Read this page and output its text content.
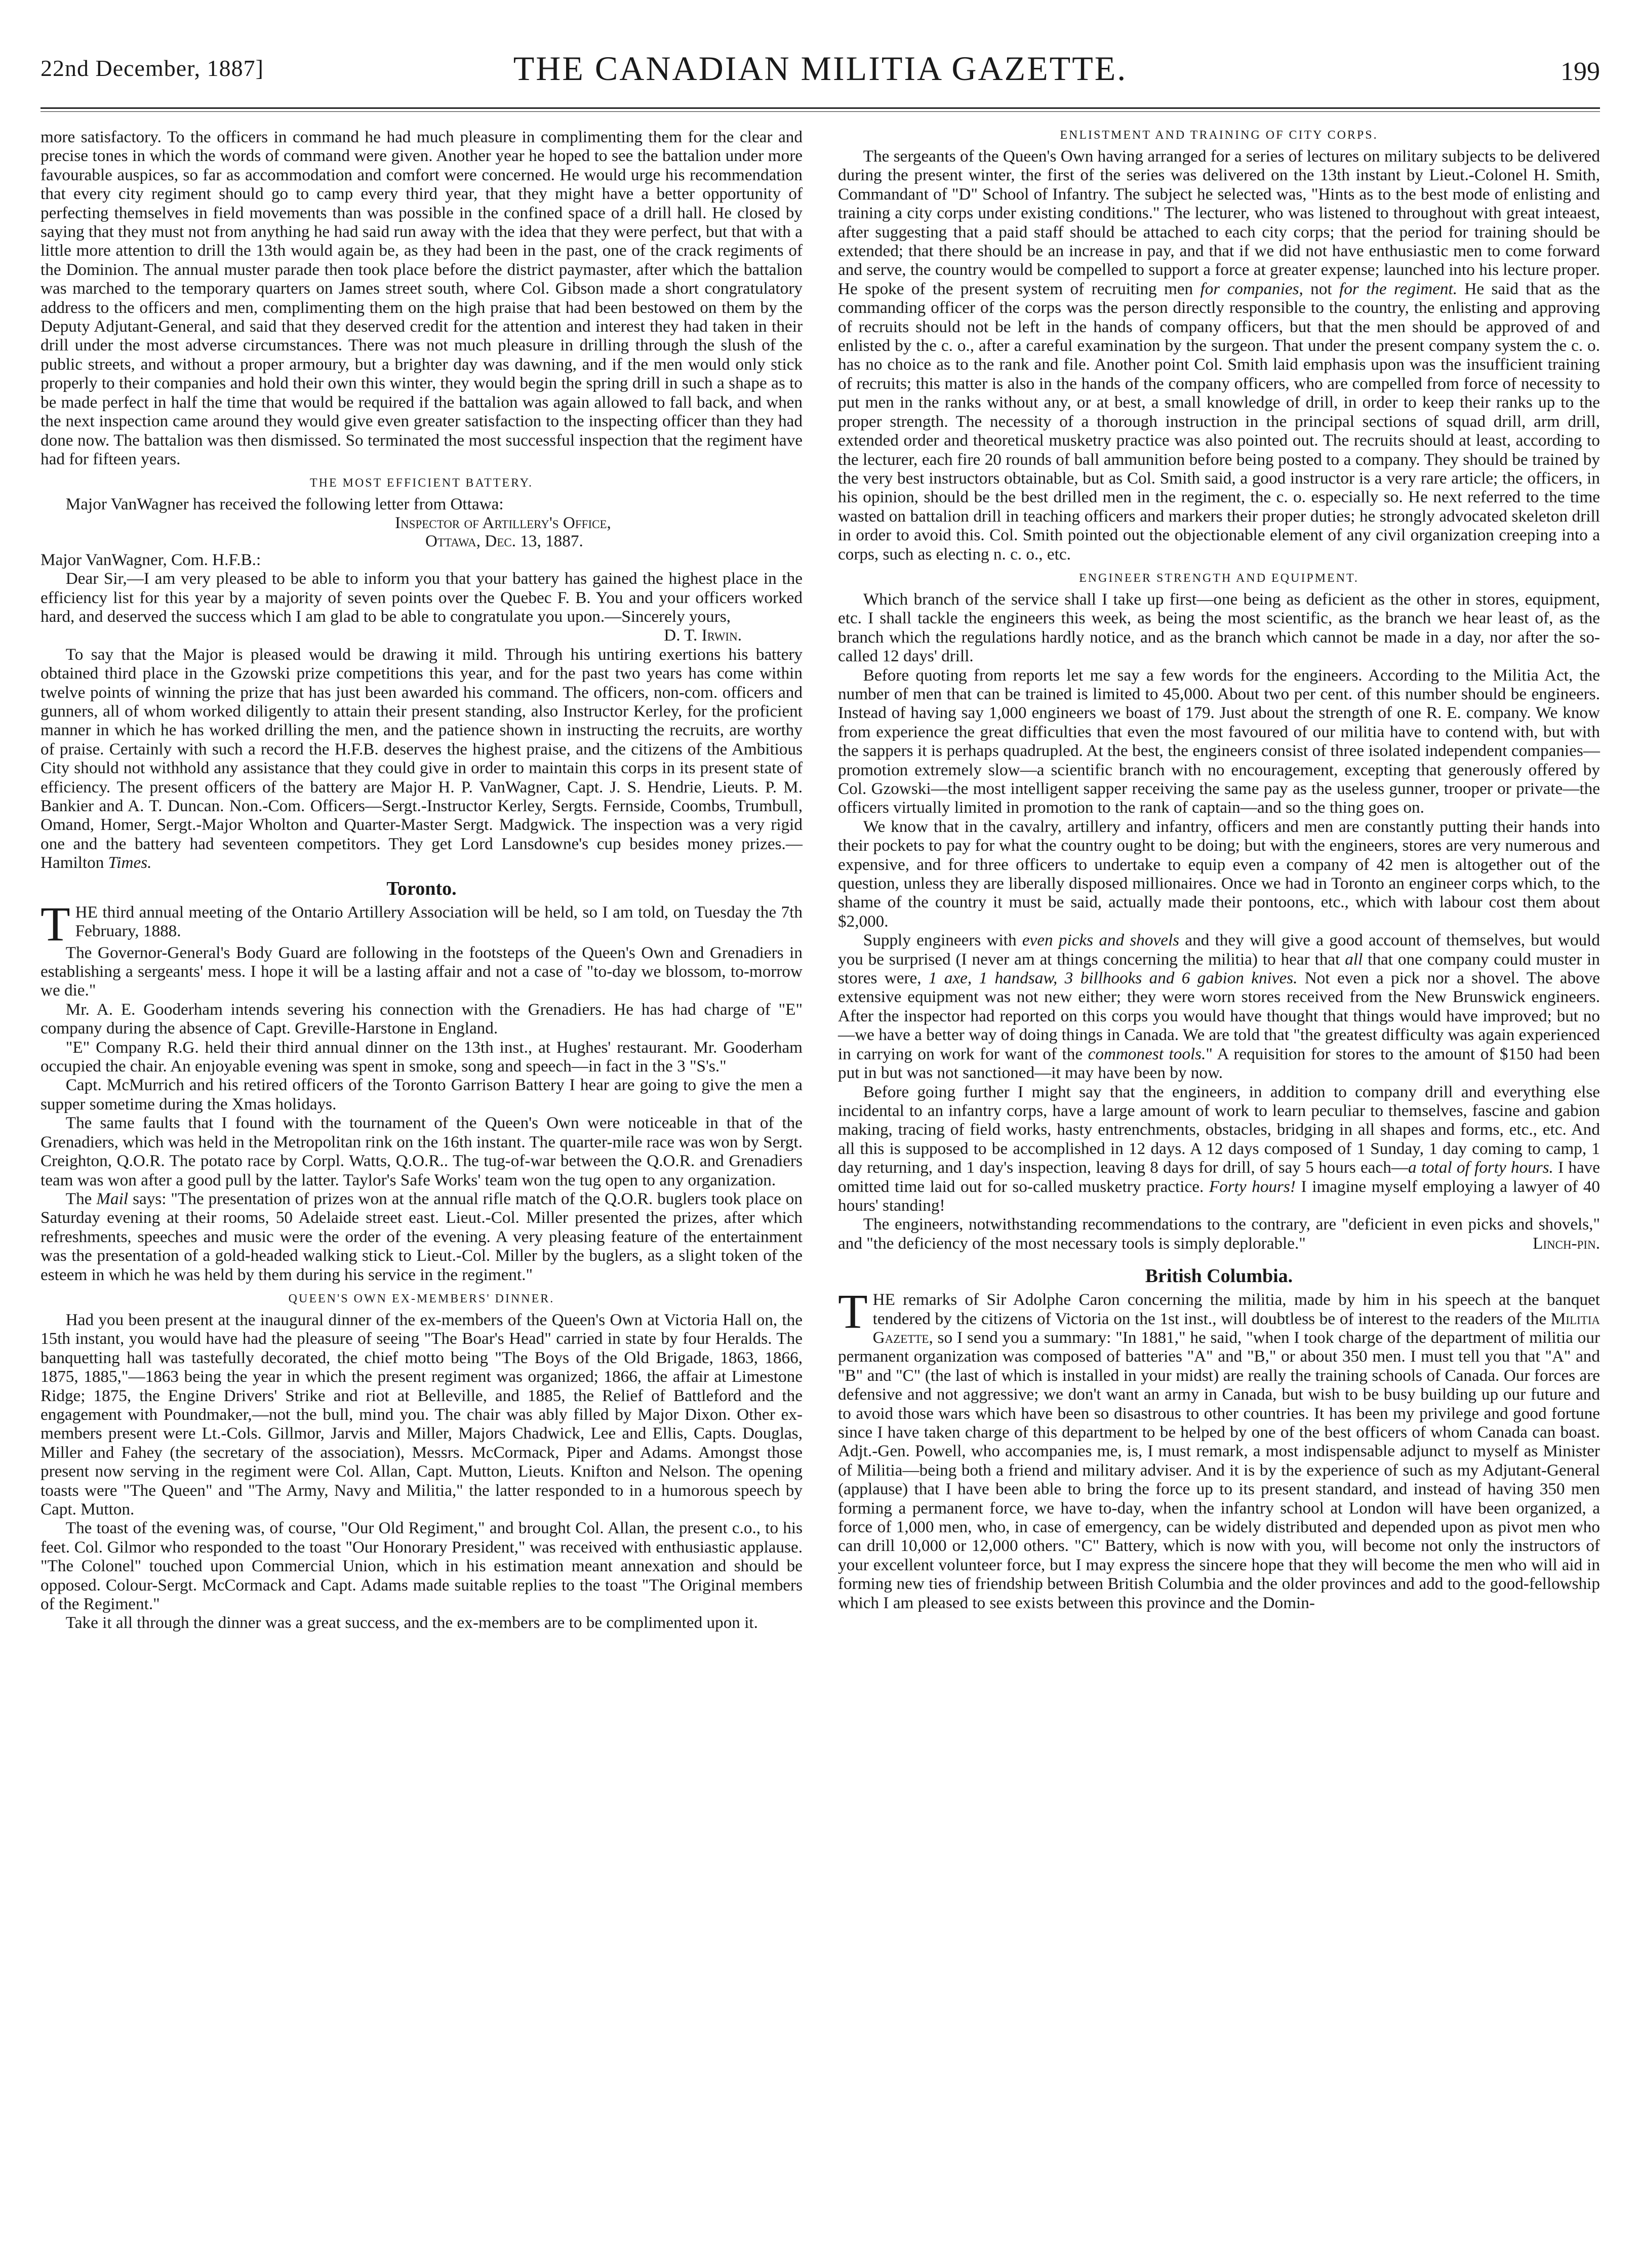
22nd December, 1887]	THE CANADIAN MILITIA GAZETTE.	199

more satisfactory. To the officers in command he had much pleasure in complimenting them for the clear and precise tones in which the words of command were given. Another year he hoped to see the battalion under more favourable auspices, so far as accommodation and comfort were concerned. He would urge his recommendation that every city regiment should go to camp every third year, that they might have a better opportunity of perfecting themselves in field movements than was possible in the confined space of a drill hall. He closed by saying that they must not from anything he had said run away with the idea that they were perfect, but that with a little more attention to drill the 13th would again be, as they had been in the past, one of the crack regiments of the Dominion. The annual muster parade then took place before the district paymaster, after which the battalion was marched to the temporary quarters on James street south, where Col. Gibson made a short congratulatory address to the officers and men, complimenting them on the high praise that had been bestowed on them by the Deputy Adjutant-General, and said that they deserved credit for the attention and interest they had taken in their drill under the most adverse circumstances. There was not much pleasure in drilling through the slush of the public streets, and without a proper armoury, but a brighter day was dawning, and if the men would only stick properly to their companies and hold their own this winter, they would begin the spring drill in such a shape as to be made perfect in half the time that would be required if the battalion was again allowed to fall back, and when the next inspection came around they would give even greater satisfaction to the inspecting officer than they had done now. The battalion was then dismissed. So terminated the most successful inspection that the regiment have had for fifteen years.

THE MOST EFFICIENT BATTERY.

Major VanWagner has received the following letter from Ottawa:

Inspector of Artillery's Office,
Ottawa, Dec. 13, 1887.

Major VanWagner, Com. H.F.B.:

Dear Sir,—I am very pleased to be able to inform you that your battery has gained the highest place in the efficiency list for this year by a majority of seven points over the Quebec F. B. You and your officers worked hard, and deserved the success which I am glad to be able to congratulate you upon.—Sincerely yours,

D. T. Irwin.

To say that the Major is pleased would be drawing it mild. Through his untiring exertions his battery obtained third place in the Gzowski prize competitions this year, and for the past two years has come within twelve points of winning the prize that has just been awarded his command. The officers, non-com. officers and gunners, all of whom worked diligently to attain their present standing, also Instructor Kerley, for the proficient manner in which he has worked drilling the men, and the patience shown in instructing the recruits, are worthy of praise. Certainly with such a record the H.F.B. deserves the highest praise, and the citizens of the Ambitious City should not withhold any assistance that they could give in order to maintain this corps in its present state of efficiency. The present officers of the battery are Major H. P. VanWagner, Capt. J. S. Hendrie, Lieuts. P. M. Bankier and A. T. Duncan. Non.-Com. Officers—Sergt.-Instructor Kerley, Sergts. Fernside, Coombs, Trumbull, Omand, Homer, Sergt.-Major Wholton and Quarter-Master Sergt. Madgwick. The inspection was a very rigid one and the battery had seventeen competitors. They get Lord Lansdowne's cup besides money prizes.—Hamilton Times.

Toronto.

THE third annual meeting of the Ontario Artillery Association will be held, so I am told, on Tuesday the 7th February, 1888.

The Governor-General's Body Guard are following in the footsteps of the Queen's Own and Grenadiers in establishing a sergeants' mess. I hope it will be a lasting affair and not a case of "to-day we blossom, to-morrow we die."

Mr. A. E. Gooderham intends severing his connection with the Grenadiers. He has had charge of "E" company during the absence of Capt. Greville-Harstone in England.

"E" Company R.G. held their third annual dinner on the 13th inst., at Hughes' restaurant. Mr. Gooderham occupied the chair. An enjoyable evening was spent in smoke, song and speech—in fact in the 3 "S's."

Capt. McMurrich and his retired officers of the Toronto Garrison Battery I hear are going to give the men a supper sometime during the Xmas holidays.

The same faults that I found with the tournament of the Queen's Own were noticeable in that of the Grenadiers, which was held in the Metropolitan rink on the 16th instant. The quarter-mile race was won by Sergt. Creighton, Q.O.R. The potato race by Corpl. Watts, Q.O.R.. The tug-of-war between the Q.O.R. and Grenadiers team was won after a good pull by the latter. Taylor's Safe Works' team won the tug open to any organization.

The Mail says: "The presentation of prizes won at the annual rifle match of the Q.O.R. buglers took place on Saturday evening at their rooms, 50 Adelaide street east. Lieut.-Col. Miller presented the prizes, after which refreshments, speeches and music were the order of the evening. A very pleasing feature of the entertainment was the presentation of a gold-headed walking stick to Lieut.-Col. Miller by the buglers, as a slight token of the esteem in which he was held by them during his service in the regiment."

QUEEN'S OWN EX-MEMBERS' DINNER.

Had you been present at the inaugural dinner of the ex-members of the Queen's Own at Victoria Hall on, the 15th instant, you would have had the pleasure of seeing "The Boar's Head" carried in state by four Heralds. The banquetting hall was tastefully decorated, the chief motto being "The Boys of the Old Brigade, 1863, 1866, 1875, 1885,"—1863 being the year in which the present regiment was organized; 1866, the affair at Limestone Ridge; 1875, the Engine Drivers' Strike and riot at Belleville, and 1885, the Relief of Battleford and the engagement with Poundmaker,—not the bull, mind you. The chair was ably filled by Major Dixon. Other ex-members present were Lt.-Cols. Gillmor, Jarvis and Miller, Majors Chadwick, Lee and Ellis, Capts. Douglas, Miller and Fahey (the secretary of the association), Messrs. McCormack, Piper and Adams. Amongst those present now serving in the regiment were Col. Allan, Capt. Mutton, Lieuts. Knifton and Nelson. The opening toasts were "The Queen" and "The Army, Navy and Militia," the latter responded to in a humorous speech by Capt. Mutton.

The toast of the evening was, of course, "Our Old Regiment," and brought Col. Allan, the present c.o., to his feet. Col. Gilmor who responded to the toast "Our Honorary President," was received with enthusiastic applause. "The Colonel" touched upon Commercial Union, which in his estimation meant annexation and should be opposed. Colour-Sergt. McCormack and Capt. Adams made suitable replies to the toast "The Original members of the Regiment."

Take it all through the dinner was a great success, and the ex-members are to be complimented upon it.

ENLISTMENT AND TRAINING OF CITY CORPS.

The sergeants of the Queen's Own having arranged for a series of lectures on military subjects to be delivered during the present winter, the first of the series was delivered on the 13th instant by Lieut.-Colonel H. Smith, Commandant of "D" School of Infantry. The subject he selected was, "Hints as to the best mode of enlisting and training a city corps under existing conditions." The lecturer, who was listened to throughout with great inteaest, after suggesting that a paid staff should be attached to each city corps; that the period for training should be extended; that there should be an increase in pay, and that if we did not have enthusiastic men to come forward and serve, the country would be compelled to support a force at greater expense; launched into his lecture proper. He spoke of the present system of recruiting men for companies, not for the regiment. He said that as the commanding officer of the corps was the person directly responsible to the country, the enlisting and approving of recruits should not be left in the hands of company officers, but that the men should be approved of and enlisted by the c. o., after a careful examination by the surgeon. That under the present company system the c. o. has no choice as to the rank and file. Another point Col. Smith laid emphasis upon was the insufficient training of recruits; this matter is also in the hands of the company officers, who are compelled from force of necessity to put men in the ranks without any, or at best, a small knowledge of drill, in order to keep their ranks up to the proper strength. The necessity of a thorough instruction in the principal sections of squad drill, arm drill, extended order and theoretical musketry practice was also pointed out. The recruits should at least, according to the lecturer, each fire 20 rounds of ball ammunition before being posted to a company. They should be trained by the very best instructors obtainable, but as Col. Smith said, a good instructor is a very rare article; the officers, in his opinion, should be the best drilled men in the regiment, the c. o. especially so. He next referred to the time wasted on battalion drill in teaching officers and markers their proper duties; he strongly advocated skeleton drill in order to avoid this. Col. Smith pointed out the objectionable element of any civil organization creeping into a corps, such as electing n. c. o., etc.

ENGINEER STRENGTH AND EQUIPMENT.

Which branch of the service shall I take up first—one being as deficient as the other in stores, equipment, etc. I shall tackle the engineers this week, as being the most scientific, as the branch we hear least of, as the branch which the regulations hardly notice, and as the branch which cannot be made in a day, nor after the so-called 12 days' drill.

Before quoting from reports let me say a few words for the engineers. According to the Militia Act, the number of men that can be trained is limited to 45,000. About two per cent. of this number should be engineers. Instead of having say 1,000 engineers we boast of 179. Just about the strength of one R. E. company. We know from experience the great difficulties that even the most favoured of our militia have to contend with, but with the sappers it is perhaps quadrupled. At the best, the engineers consist of three isolated independent companies—promotion extremely slow—a scientific branch with no encouragement, excepting that generously offered by Col. Gzowski—the most intelligent sapper receiving the same pay as the useless gunner, trooper or private—the officers virtually limited in promotion to the rank of captain—and so the thing goes on.

We know that in the cavalry, artillery and infantry, officers and men are constantly putting their hands into their pockets to pay for what the country ought to be doing; but with the engineers, stores are very numerous and expensive, and for three officers to undertake to equip even a company of 42 men is altogether out of the question, unless they are liberally disposed millionaires. Once we had in Toronto an engineer corps which, to the shame of the country it must be said, actually made their pontoons, etc., which with labour cost them about $2,000.

Supply engineers with even picks and shovels and they will give a good account of themselves, but would you be surprised (I never am at things concerning the militia) to hear that all that one company could muster in stores were, 1 axe, 1 handsaw, 3 billhooks and 6 gabion knives. Not even a pick nor a shovel. The above extensive equipment was not new either; they were worn stores received from the New Brunswick engineers. After the inspector had reported on this corps you would have thought that things would have improved; but no—we have a better way of doing things in Canada. We are told that "the greatest difficulty was again experienced in carrying on work for want of the commonest tools." A requisition for stores to the amount of $150 had been put in but was not sanctioned—it may have been by now.

Before going further I might say that the engineers, in addition to company drill and everything else incidental to an infantry corps, have a large amount of work to learn peculiar to themselves, fascine and gabion making, tracing of field works, hasty entrenchments, obstacles, bridging in all shapes and forms, etc., etc. And all this is supposed to be accomplished in 12 days. A 12 days composed of 1 Sunday, 1 day coming to camp, 1 day returning, and 1 day's inspection, leaving 8 days for drill, of say 5 hours each—a total of forty hours. I have omitted time laid out for so-called musketry practice. Forty hours! I imagine myself employing a lawyer of 40 hours' standing!

The engineers, notwithstanding recommendations to the contrary, are "deficient in even picks and shovels," and "the deficiency of the most necessary tools is simply deplorable."	Linch-pin.

British Columbia.

THE remarks of Sir Adolphe Caron concerning the militia, made by him in his speech at the banquet tendered by the citizens of Victoria on the 1st inst., will doubtless be of interest to the readers of the Militia Gazette, so I send you a summary: "In 1881," he said, "when I took charge of the department of militia our permanent organization was composed of batteries "A" and "B," or about 350 men. I must tell you that "A" and "B" and "C" (the last of which is installed in your midst) are really the training schools of Canada. Our forces are defensive and not aggressive; we don't want an army in Canada, but wish to be busy building up our future and to avoid those wars which have been so disastrous to other countries. It has been my privilege and good fortune since I have taken charge of this department to be helped by one of the best officers of whom Canada can boast. Adjt.-Gen. Powell, who accompanies me, is, I must remark, a most indispensable adjunct to myself as Minister of Militia—being both a friend and military adviser. And it is by the experience of such as my Adjutant-General (applause) that I have been able to bring the force up to its present standard, and instead of having 350 men forming a permanent force, we have to-day, when the infantry school at London will have been organized, a force of 1,000 men, who, in case of emergency, can be widely distributed and depended upon as pivot men who can drill 10,000 or 12,000 others. "C" Battery, which is now with you, will become not only the instructors of your excellent volunteer force, but I may express the sincere hope that they will become the men who will aid in forming new ties of friendship between British Columbia and the older provinces and add to the good-fellowship which I am pleased to see exists between this province and the Domin-
